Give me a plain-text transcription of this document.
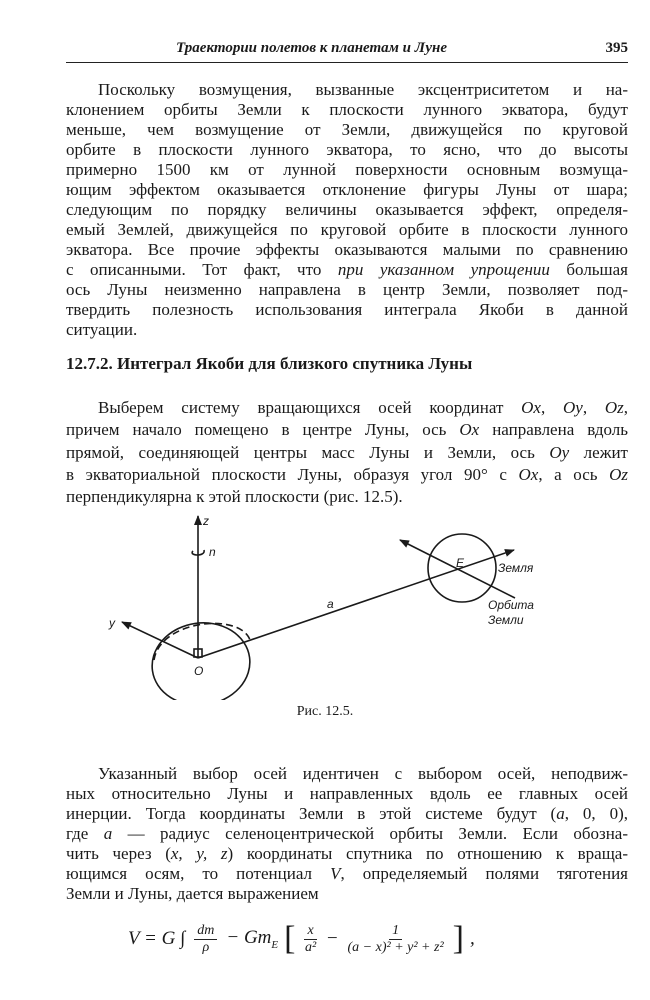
Траектории полетов к планетам и Луне	395
Поскольку возмущения, вызванные эксцентриситетом и на-
клонением орбиты Земли к плоскости лунного экватора, будут
меньше, чем возмущение от Земли, движущейся по круговой
орбите в плоскости лунного экватора, то ясно, что до высоты
примерно 1500 км от лунной поверхности основным возмуща-
ющим эффектом оказывается отклонение фигуры Луны от шара;
следующим по порядку величины оказывается эффект, определя-
емый Землей, движущейся по круговой орбите в плоскости лунного
экватора. Все прочие эффекты оказываются малыми по сравнению
с описанными. Тот факт, что при указанном упрощении большая
ось Луны неизменно направлена в центр Земли, позволяет под-
твердить полезность использования интеграла Якоби в данной
ситуации.
12.7.2. Интеграл Якоби для близкого спутника Луны
Выберем систему вращающихся осей координат Ox, Oy, Oz,
причем начало помещено в центре Луны, ось Ox направлена вдоль
прямой, соединяющей центры масс Луны и Земли, ось Oy лежит
в экваториальной плоскости Луны, образуя угол 90° с Ox, а ось Oz
перпендикулярна к этой плоскости (рис. 12.5).
z
n
y
O
a
E	Земля
Орбита
Земли
Рис. 12.5.
Указанный выбор осей идентичен с выбором осей, неподвиж-
ных относительно Луны и направленных вдоль ее главных осей
инерции. Тогда координаты Земли в этой системе будут (a, 0, 0),
где a — радиус селеноцентрической орбиты Земли. Если обозна-
чить через (x, y, z) координаты спутника по отношению к враща-
ющимся осям, то потенциал V, определяемый полями тяготения
Земли и Луны, дается выражением
V = G ∫ $\frac{dm}{\rho} - Gm_E$ [ $\frac{x}{\text{a²}} - \frac{1}{\text{(a − x)² + y² + z²}}$ ] ,
